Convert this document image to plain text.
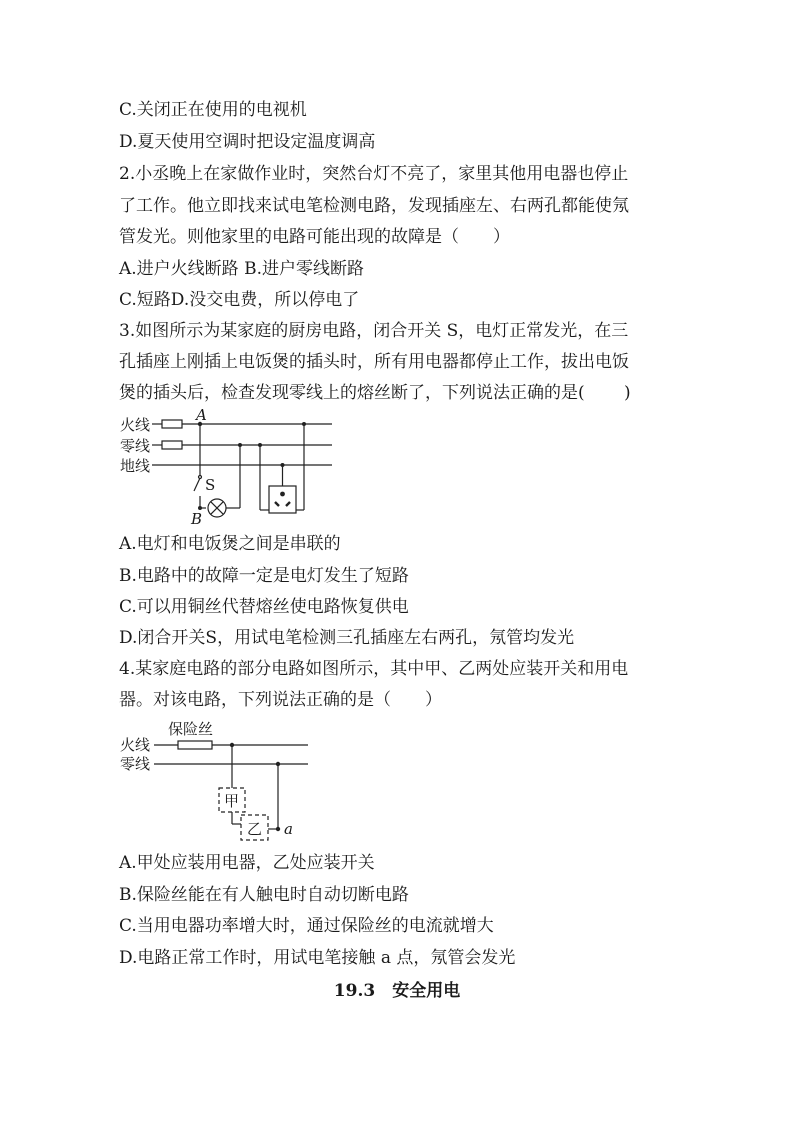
C.关闭正在使用的电视机
D.夏天使用空调时把设定温度调高
2.小丞晚上在家做作业时，突然台灯不亮了，家里其他用电器也停止
了工作。他立即找来试电笔检测电路，发现插座左、右两孔都能使氖
管发光。则他家里的电路可能出现的故障是（　　）
A.进户火线断路 B.进户零线断路
C.短路D.没交电费，所以停电了
3.如图所示为某家庭的厨房电路，闭合开关 S，电灯正常发光，在三
孔插座上刚插上电饭煲的插头时，所有用电器都停止工作，拔出电饭
煲的插头后，检查发现零线上的熔丝断了，下列说法正确的是(　　 )
火线
零线
地线
A
S
B
A.电灯和电饭煲之间是串联的
B.电路中的故障一定是电灯发生了短路
C.可以用铜丝代替熔丝使电路恢复供电
D.闭合开关S，用试电笔检测三孔插座左右两孔，氖管均发光
4.某家庭电路的部分电路如图所示，其中甲、乙两处应装开关和用电
器。对该电路，下列说法正确的是（　　）
保险丝
火线
零线
甲
乙 a
A.甲处应装用电器，乙处应装开关
B.保险丝能在有人触电时自动切断电路
C.当用电器功率增大时，通过保险丝的电流就增大
D.电路正常工作时，用试电笔接触 a 点，氖管会发光
19.3　安全用电
